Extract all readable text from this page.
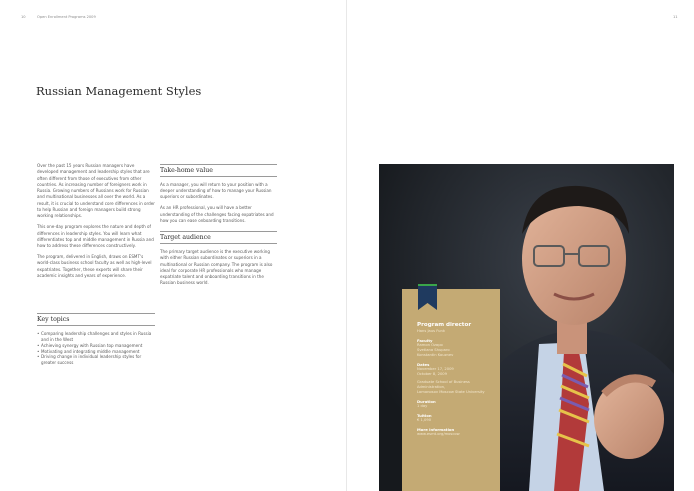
10	Open Enrollment Programs 2009	11
Russian Management Styles

Over the past 15 years Russian managers have developed management and leadership styles that are often different from those of executives from other countries. As increasing number of foreigners work in Russia. Growing numbers of Russians work for Russian and multinational businesses all over the world. As a result, it is crucial to understand core differences in order to help Russian and foreign managers build strong working relationships.

This one-day program explores the nature and depth of differences in leadership styles. You will learn what differentiates top and middle management in Russia and how to address these differences constructively.

The program, delivered in English, draws on ESMT's world-class business school faculty as well as high-level expatriates. Together, these experts will share their academic insights and years of experience.

Key topics
• Comparing leadership challenges and styles in Russia and in the West
• Achieving synergy with Russian top management
• Motivating and integrating middle management
• Driving change in individual leadership styles for greater success
Take-home value

As a manager, you will return to your position with a deeper understanding of how to manage your Russian superiors or subordinates.

As an HR professional, you will have a better understanding of the challenges facing expatriates and how you can ease onboarding transitions.

Target audience

The primary target audience is the executive working with either Russian subordinates or superiors in a multinational or Russian company. The program is also ideal for corporate HR professionals who manage expatriate talent and onboarding transitions in the Russian business world.

Program director
Hans Jaus Funk
Faculty
Ramon Ozapo
Svetlana Shuparo
Konstantin Kouznev
Dates
November 17, 2009
October 8, 2009
Graduate School of Business Administration,
Lomonosov Moscow State University
Duration
1 day
Tuition
€ 1,090
More information
www.esmt.org/moscow
